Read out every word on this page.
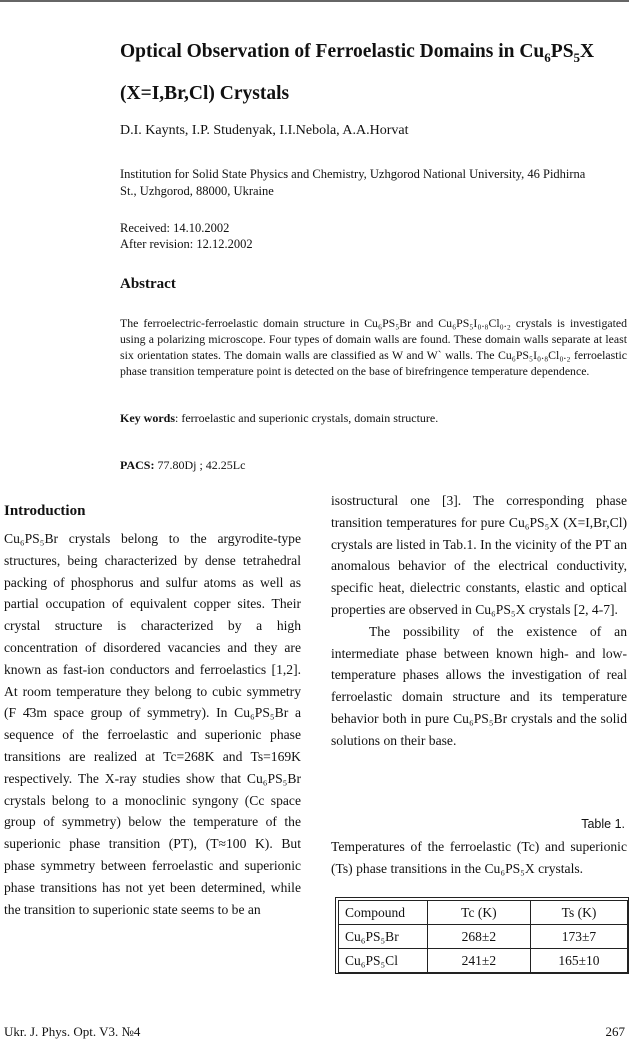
Optical Observation of Ferroelastic Domains in $Cu_6PS_5X$
(X=I,Br,Cl) Crystals
D.I. Kaynts, I.P. Studenyak, I.I.Nebola, A.A.Horvat
Institution for Solid State Physics and Chemistry, Uzhgorod National University, 46 Pidhirna St., Uzhgorod, 88000, Ukraine
Received: 14.10.2002
After revision: 12.12.2002
Abstract
The ferroelectric-ferroelastic domain structure in Cu₆PS₅Br and Cu₆PS₅I₀.₈Cl₀.₂ crystals is investigated using a polarizing microscope. Four types of domain walls are found. These domain walls separate at least six orientation states. The domain walls are classified as W and W` walls. The Cu₆PS₅I₀.₈Cl₀.₂ ferroelastic phase transition temperature point is detected on the base of birefringence temperature dependence.
Key words: ferroelastic and superionic crystals, domain structure.
PACS: 77.80Dj ; 42.25Lc
Introduction

Cu₆PS₅Br crystals belong to the argyrodite-type structures, being characterized by dense tetrahedral packing of phosphorus and sulfur atoms as well as partial occupation of equivalent copper sites. Their crystal structure is characterized by a high concentration of disordered vacancies and they are known as fast-ion conductors and ferroelastics [1,2]. At room temperature they belong to cubic symmetry (F 4̄3m space group of symmetry). In Cu₆PS₅Br a sequence of the ferroelastic and superionic phase transitions are realized at Tc=268K and Ts=169K respectively. The X-ray studies show that Cu₆PS₅Br crystals belong to a monoclinic syngony (Cc space group of symmetry) below the temperature of the superionic phase transition (PT), (T≈100 K). But phase symmetry between ferroelastic and superionic phase transitions has not yet been determined, while the transition to superionic state seems to be an

isostructural one [3]. The corresponding phase transition temperatures for pure Cu₆PS₅X (X=I,Br,Cl) crystals are listed in Tab.1. In the vicinity of the PT an anomalous behavior of the electrical conductivity, specific heat, dielectric constants, elastic and optical properties are observed in Cu₆PS₅X crystals [2, 4-7].

The possibility of the existence of an intermediate phase between known high- and low-temperature phases allows the investigation of real ferroelastic domain structure and its temperature behavior both in pure Cu₆PS₅Br crystals and the solid solutions on their base.

Table 1.
Temperatures of the ferroelastic (Tc) and superionic (Ts) phase transitions in the Cu₆PS₅X crystals.
Compound	Tc (K)	Ts (K)
Cu₆PS₅Br	268±2	173±7
Cu₆PS₅Cl	241±2	165±10
Ukr. J. Phys. Opt. V3. №4	267
